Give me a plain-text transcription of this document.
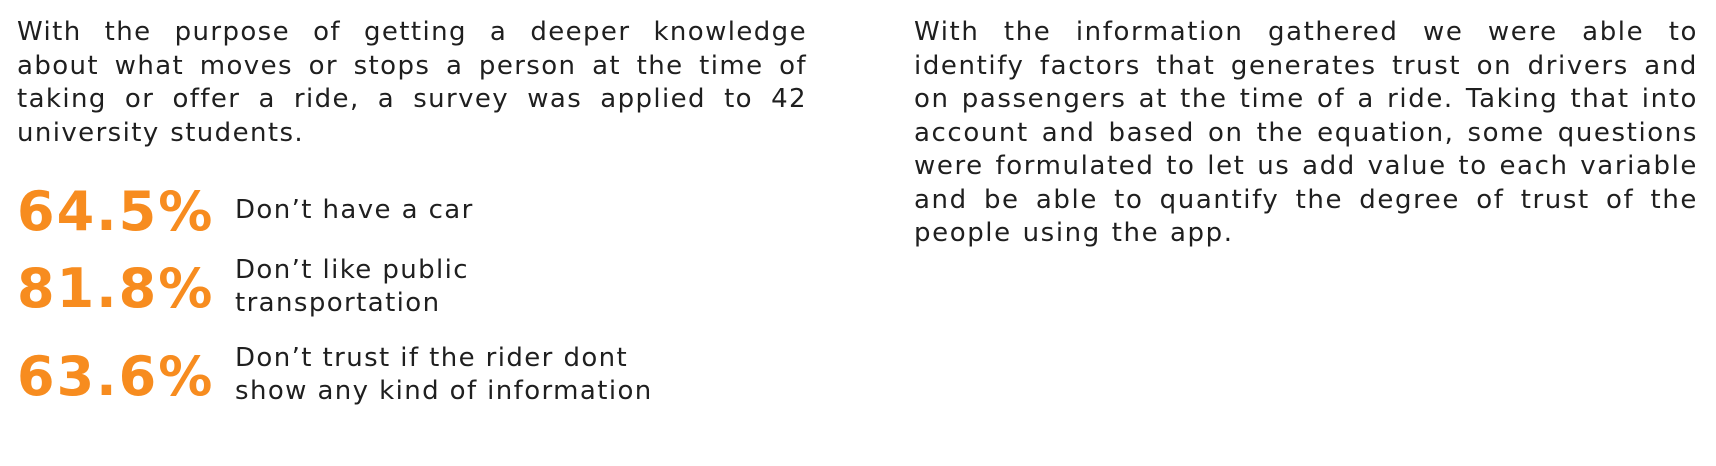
With the purpose of getting a deeper knowledge about what moves or stops a person at the time of taking or offer a ride, a survey was applied to 42 university students.

64.5% Don’t have a car
81.8% Don’t like public
transportation
63.6% Don’t trust if the rider dont
show any kind of information

With the information gathered we were able to identify factors that generates trust on drivers and on passengers at the time of a ride. Taking that into account and based on the equation, some questions were formulated to let us add value to each variable and be able to quantify the degree of trust of the people using the app.
